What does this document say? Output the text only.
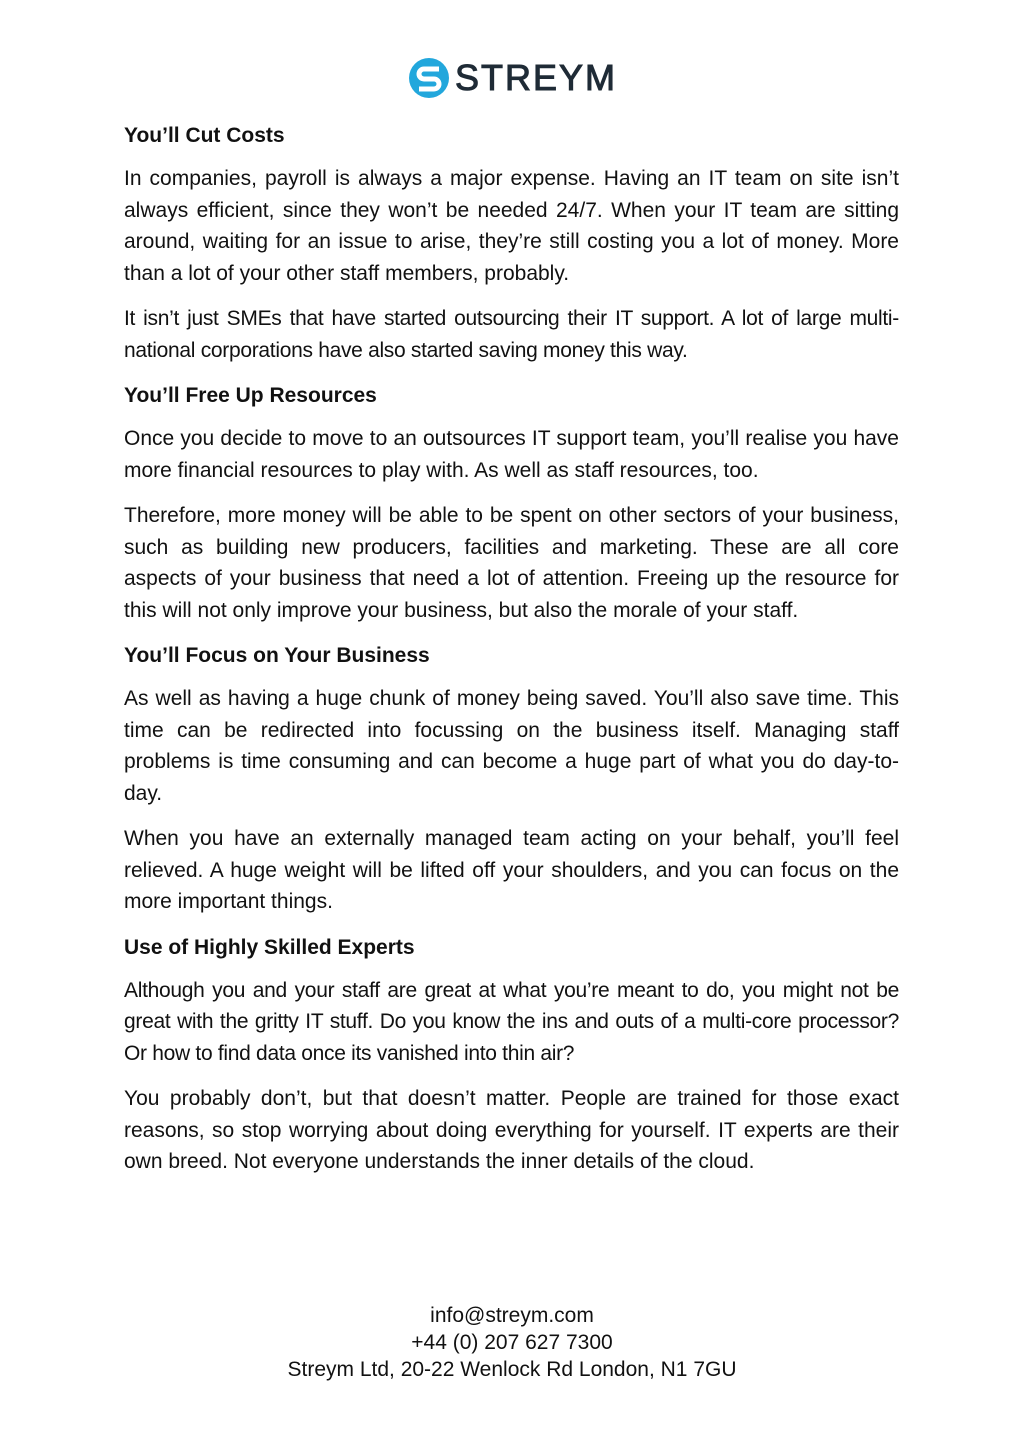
STREYM
You’ll Cut Costs

In companies, payroll is always a major expense. Having an IT team on site isn’t always efficient, since they won’t be needed 24/7. When your IT team are sitting around, waiting for an issue to arise, they’re still costing you a lot of money. More than a lot of your other staff members, probably.

It isn’t just SMEs that have started outsourcing their IT support. A lot of large multi-national corporations have also started saving money this way.

You’ll Free Up Resources

Once you decide to move to an outsources IT support team, you’ll realise you have more financial resources to play with. As well as staff resources, too.

Therefore, more money will be able to be spent on other sectors of your business, such as building new producers, facilities and marketing. These are all core aspects of your business that need a lot of attention. Freeing up the resource for this will not only improve your business, but also the morale of your staff.

You’ll Focus on Your Business

As well as having a huge chunk of money being saved. You’ll also save time. This time can be redirected into focussing on the business itself. Managing staff problems is time consuming and can become a huge part of what you do day-to-day.

When you have an externally managed team acting on your behalf, you’ll feel relieved. A huge weight will be lifted off your shoulders, and you can focus on the more important things.

Use of Highly Skilled Experts

Although you and your staff are great at what you’re meant to do, you might not be great with the gritty IT stuff. Do you know the ins and outs of a multi-core processor? Or how to find data once its vanished into thin air?

You probably don’t, but that doesn’t matter. People are trained for those exact reasons, so stop worrying about doing everything for yourself. IT experts are their own breed. Not everyone understands the inner details of the cloud.

info@streym.com
+44 (0) 207 627 7300
Streym Ltd, 20-22 Wenlock Rd London, N1 7GU
